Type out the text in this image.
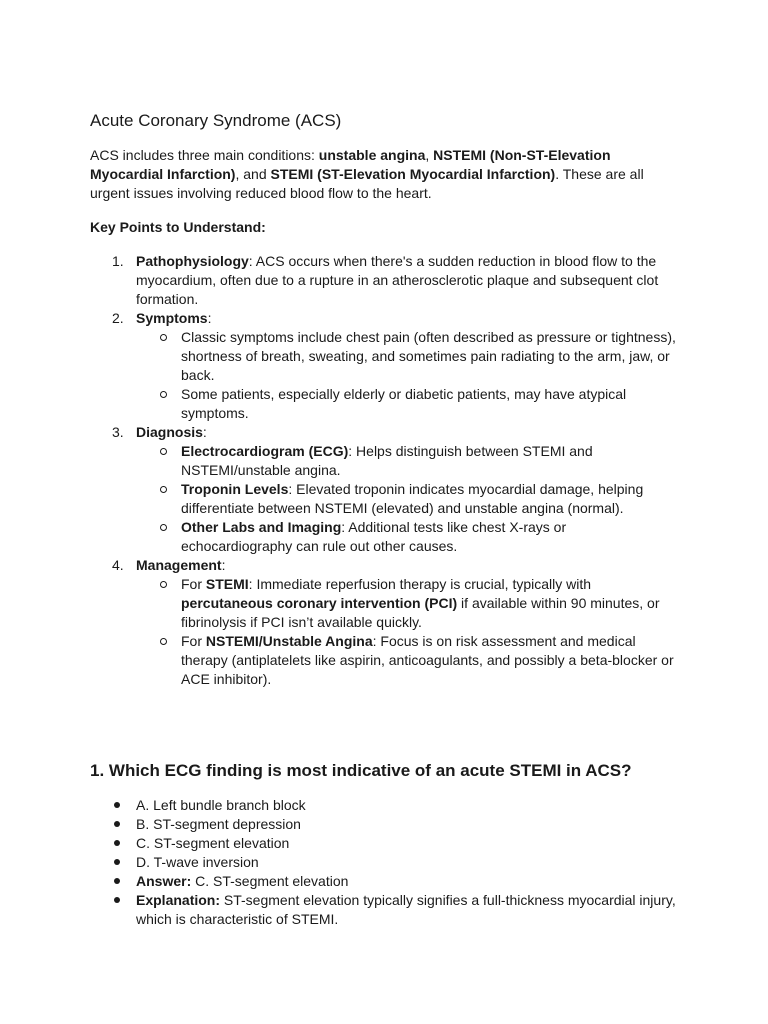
Acute Coronary Syndrome (ACS)

ACS includes three main conditions: unstable angina, NSTEMI (Non-ST-Elevation Myocardial Infarction), and STEMI (ST-Elevation Myocardial Infarction). These are all urgent issues involving reduced blood flow to the heart.

Key Points to Understand:

1. Pathophysiology: ACS occurs when there's a sudden reduction in blood flow to the myocardium, often due to a rupture in an atherosclerotic plaque and subsequent clot formation.
2. Symptoms:
Classic symptoms include chest pain (often described as pressure or tightness), shortness of breath, sweating, and sometimes pain radiating to the arm, jaw, or back.
Some patients, especially elderly or diabetic patients, may have atypical symptoms.
3. Diagnosis:
Electrocardiogram (ECG): Helps distinguish between STEMI and NSTEMI/unstable angina.
Troponin Levels: Elevated troponin indicates myocardial damage, helping differentiate between NSTEMI (elevated) and unstable angina (normal).
Other Labs and Imaging: Additional tests like chest X-rays or echocardiography can rule out other causes.
4. Management:
For STEMI: Immediate reperfusion therapy is crucial, typically with percutaneous coronary intervention (PCI) if available within 90 minutes, or fibrinolysis if PCI isn’t available quickly.
For NSTEMI/Unstable Angina: Focus is on risk assessment and medical therapy (antiplatelets like aspirin, anticoagulants, and possibly a beta-blocker or ACE inhibitor).
1. Which ECG finding is most indicative of an acute STEMI in ACS?
A. Left bundle branch block
B. ST-segment depression
C. ST-segment elevation
D. T-wave inversion
Answer: C. ST-segment elevation
Explanation: ST-segment elevation typically signifies a full-thickness myocardial injury, which is characteristic of STEMI.
